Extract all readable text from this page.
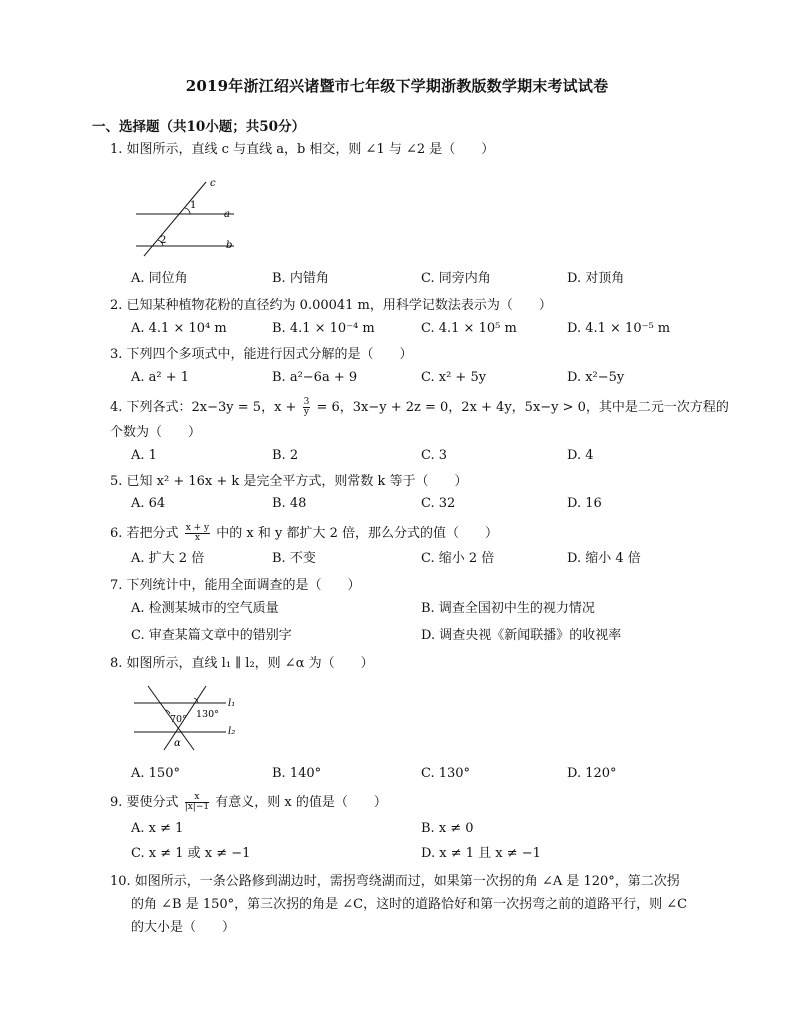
2019年浙江绍兴诸暨市七年级下学期浙教版数学期末考试试卷
一、选择题（共10小题；共50分）
1. 如图所示，直线 c 与直线 a，b 相交，则 ∠1 与 ∠2 是（　　）
c
1
a
2	b
A. 同位角	B. 内错角	C. 同旁内角	D. 对顶角
2. 已知某种植物花粉的直径约为 0.00041 m，用科学记数法表示为（　　）
A. 4.1 × 10⁴ m	B. 4.1 × 10⁻⁴ m	C. 4.1 × 10⁵ m	D. 4.1 × 10⁻⁵ m
3. 下列四个多项式中，能进行因式分解的是（　　）
A. a² + 1	B. a²−6a + 9	C. x² + 5y	D. x²−5y
4. 下列各式：2x−3y = 5，$x + \frac{3}{y} = 6$，3x−y + 2z = 0，2x + 4y，5x−y > 0，其中是二元一次方程的
个数为（　　）
A. 1	B. 2	C. 3	D. 4
5. 已知 x² + 16x + k 是完全平方式，则常数 k 等于（　　）
A. 64	B. 48	C. 32	D. 16
6. 若把分式 $\frac{x + y}{x}$ 中的 x 和 y 都扩大 2 倍，那么分式的值（　　）
A. 扩大 2 倍	B. 不变	C. 缩小 2 倍	D. 缩小 4 倍
7. 下列统计中，能用全面调查的是（　　）
A. 检测某城市的空气质量	B. 调查全国初中生的视力情况
C. 审查某篇文章中的错别字	D. 调查央视《新闻联播》的收视率
8. 如图所示，直线 l₁ ∥ l₂，则 ∠α 为（　　）
l₁
l₂
70° 130°
α
A. 150°	B. 140°	C. 130°	D. 120°
9. 要使分式 $\frac{x}{|x|-1}$ 有意义，则 x 的值是（　　）
A. x ≠ 1	B. x ≠ 0
C. x ≠ 1 或 x ≠ −1	D. x ≠ 1 且 x ≠ −1
10. 如图所示，一条公路修到湖边时，需拐弯绕湖而过，如果第一次拐的角 ∠A 是 120°，第二次拐
的角 ∠B 是 150°，第三次拐的角是 ∠C，这时的道路恰好和第一次拐弯之前的道路平行，则 ∠C
的大小是（　　）
